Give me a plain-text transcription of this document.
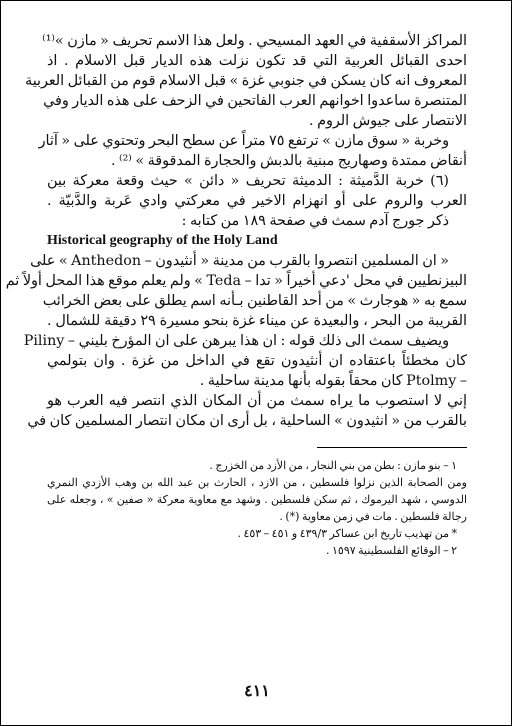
المراكز الأسقفية في العهد المسيحي . ولعل هذا الاسم تحريف « مازن »⁽¹⁾
احدى القبائل العربية التي قد تكون نزلت هذه الديار قبل الاسلام . اذ
المعروف انه كان يسكن في جنوبي غزة » قبل الاسلام قوم من القبائل العربية
المتنصرة ساعدوا اخوانهم العرب الفاتحين في الزحف على هذه الديار وفي
الانتصار على جيوش الروم .
وخربة « سوق مازن » ترتفع ٧٥ متراً عن سطح البحر وتحتوي على « آثار
أنقاض ممتدة وصهاريج مبنية بالدبش والحجارة المدقوقة » ⁽²⁾ .
(٦) خربة الدَّميثة : الدميثة تحريف « دائن » حيث وقعة معركة بين
العرب والروم على أو انهزام الاخير في معركتي وادي عَربة والدَّبيّة .
ذكر جورج آدم سمث في صفحة ١٨٩ من كتابه :
Historical geography of the Holy Land
« ان المسلمين انتصروا بالقرب من مدينة « أنثيدون – Anthedon » على
البيزنطيين في محل 'دعي أخيراً « تدا – Teda » ولم يعلم موقع هذا المحل أولاً ثم
سمع به « هوجارث » من أحد القاطنين بـأنه اسم يطلق على بعض الخرائب
القريبة من البحر ، والبعيدة عن ميناء غزة بنحو مسيرة ٢٩ دقيقة للشمال .
ويضيف سمث الى ذلك قوله : ان هذا يبرهن على ان المؤرخ بليني – Piliny
كان مخطئاً باعتقاده ان أنثيدون تقع في الداخل من غزة . وان بتولمي
– Ptolmy كان محقاً بقوله بأنها مدينة ساحلية .
إني لا استصوب ما يراه سمث من أن المكان الذي انتصر فيه العرب هو
بالقرب من « انثيدون » الساحلية ، بل أرى ان مكان انتصار المسلمين كان في
١ – بنو مازن : بطن من بني النجار ، من الأزد من الخزرج .
ومن الصحابة الذين نزلوا فلسطين ، من الازد ، الحارث بن عبد الله بن وهب الأزدي النمري
الدوسي ، شهد اليرموك ، ثم سكن فلسطين . وشهد مع معاوية معركة « صفين » ، وجعله على
رجالة فلسطين . مات في زمن معاوية (*) .
* من تهذيب تاريخ ابن عساكر ٤٣٩/٣ و ٤٥١ – ٤٥٣ .
٢ – الوقائع الفلسطينية ١٥٩٧ .
٤١١
